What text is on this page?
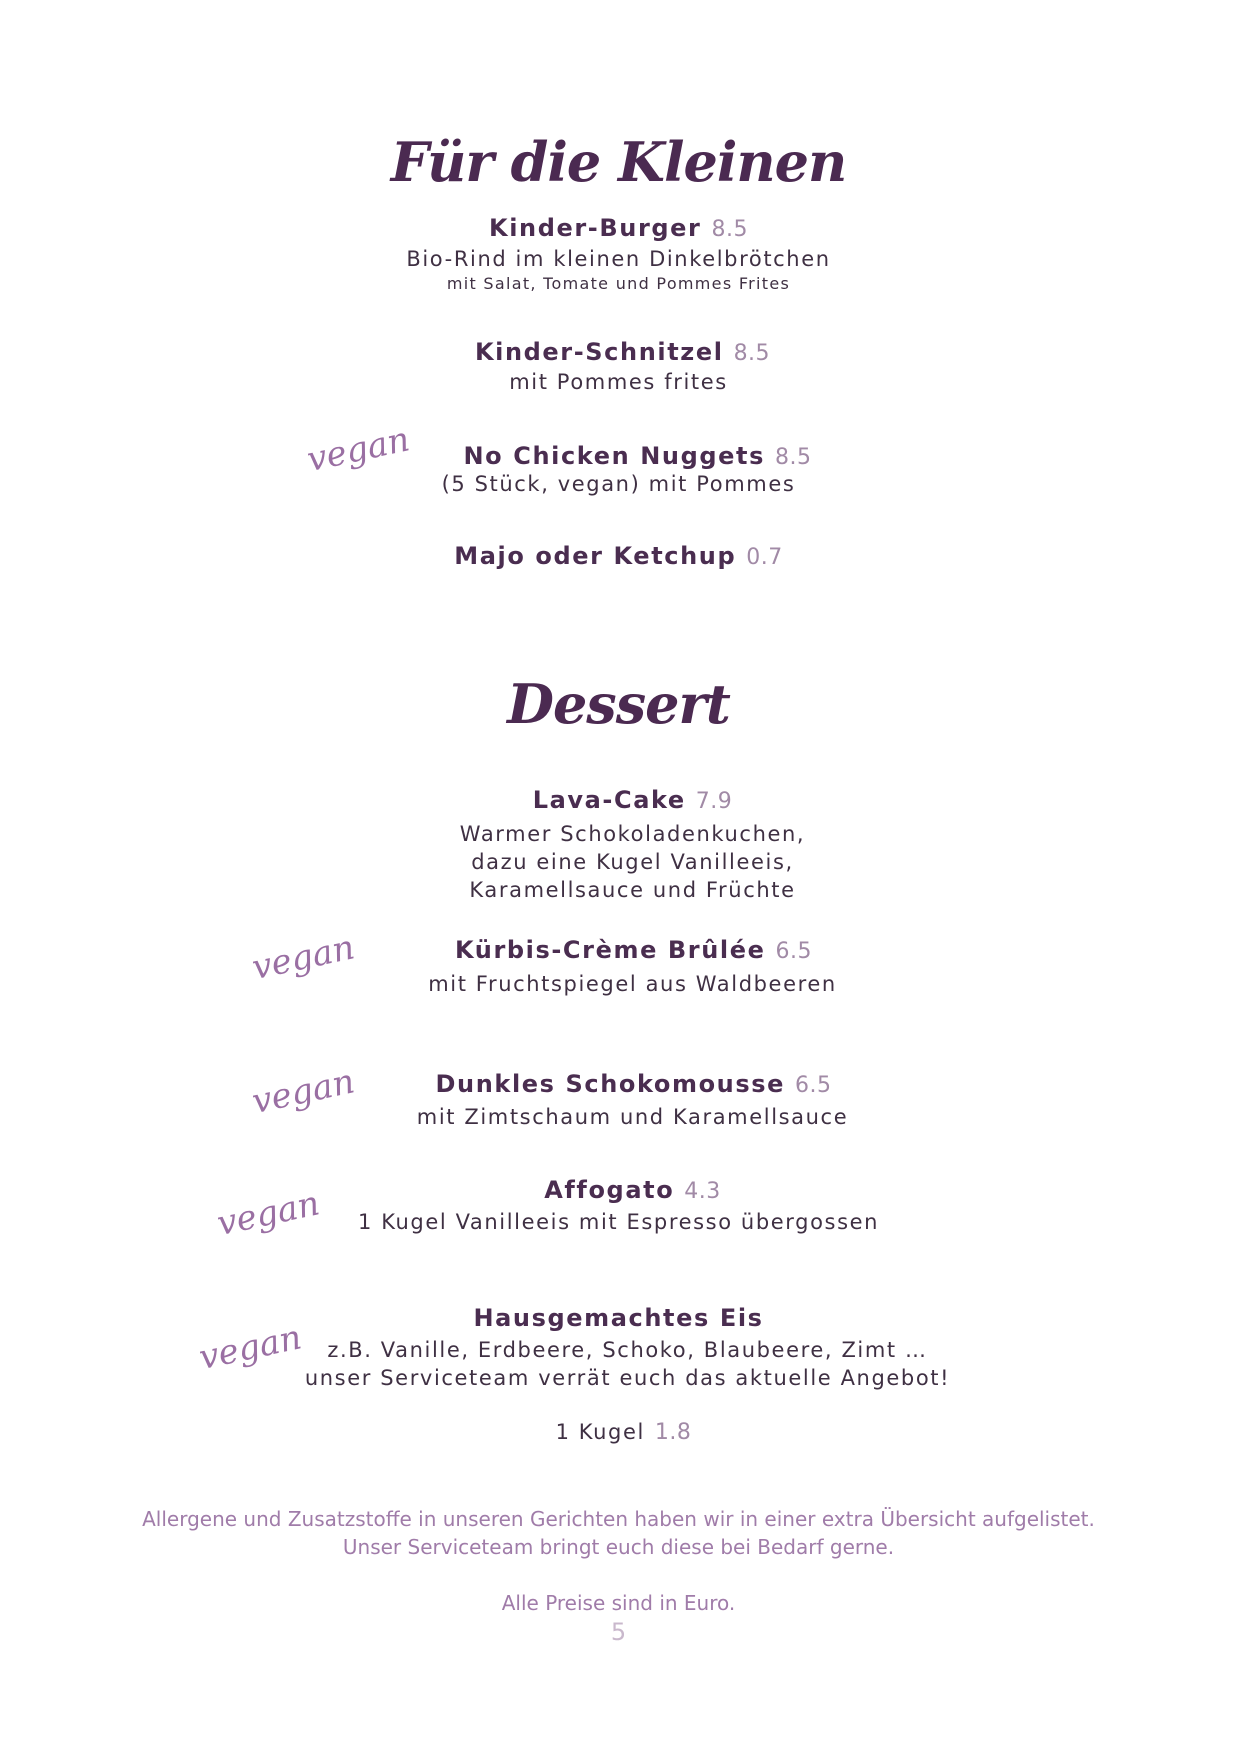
Für die Kleinen
Kinder-Burger 8.5
Bio-Rind im kleinen Dinkelbrötchen
mit Salat, Tomate und Pommes Frites
Kinder-Schnitzel 8.5
mit Pommes frites
vegan	No Chicken Nuggets 8.5
(5 Stück, vegan) mit Pommes
Majo oder Ketchup 0.7
Dessert
Lava-Cake 7.9
Warmer Schokoladenkuchen,
dazu eine Kugel Vanilleeis,
Karamellsauce und Früchte
vegan	Kürbis-Crème Brûlée 6.5
mit Fruchtspiegel aus Waldbeeren
vegan	Dunkles Schokomousse 6.5
mit Zimtschaum und Karamellsauce
vegan	Affogato 4.3
1 Kugel Vanilleeis mit Espresso übergossen
vegan	Hausgemachtes Eis
z.B. Vanille, Erdbeere, Schoko, Blaubeere, Zimt …
unser Serviceteam verrät euch das aktuelle Angebot!
1 Kugel 1.8
Allergene und Zusatzstoffe in unseren Gerichten haben wir in einer extra Übersicht aufgelistet.
Unser Serviceteam bringt euch diese bei Bedarf gerne.
Alle Preise sind in Euro.
5
